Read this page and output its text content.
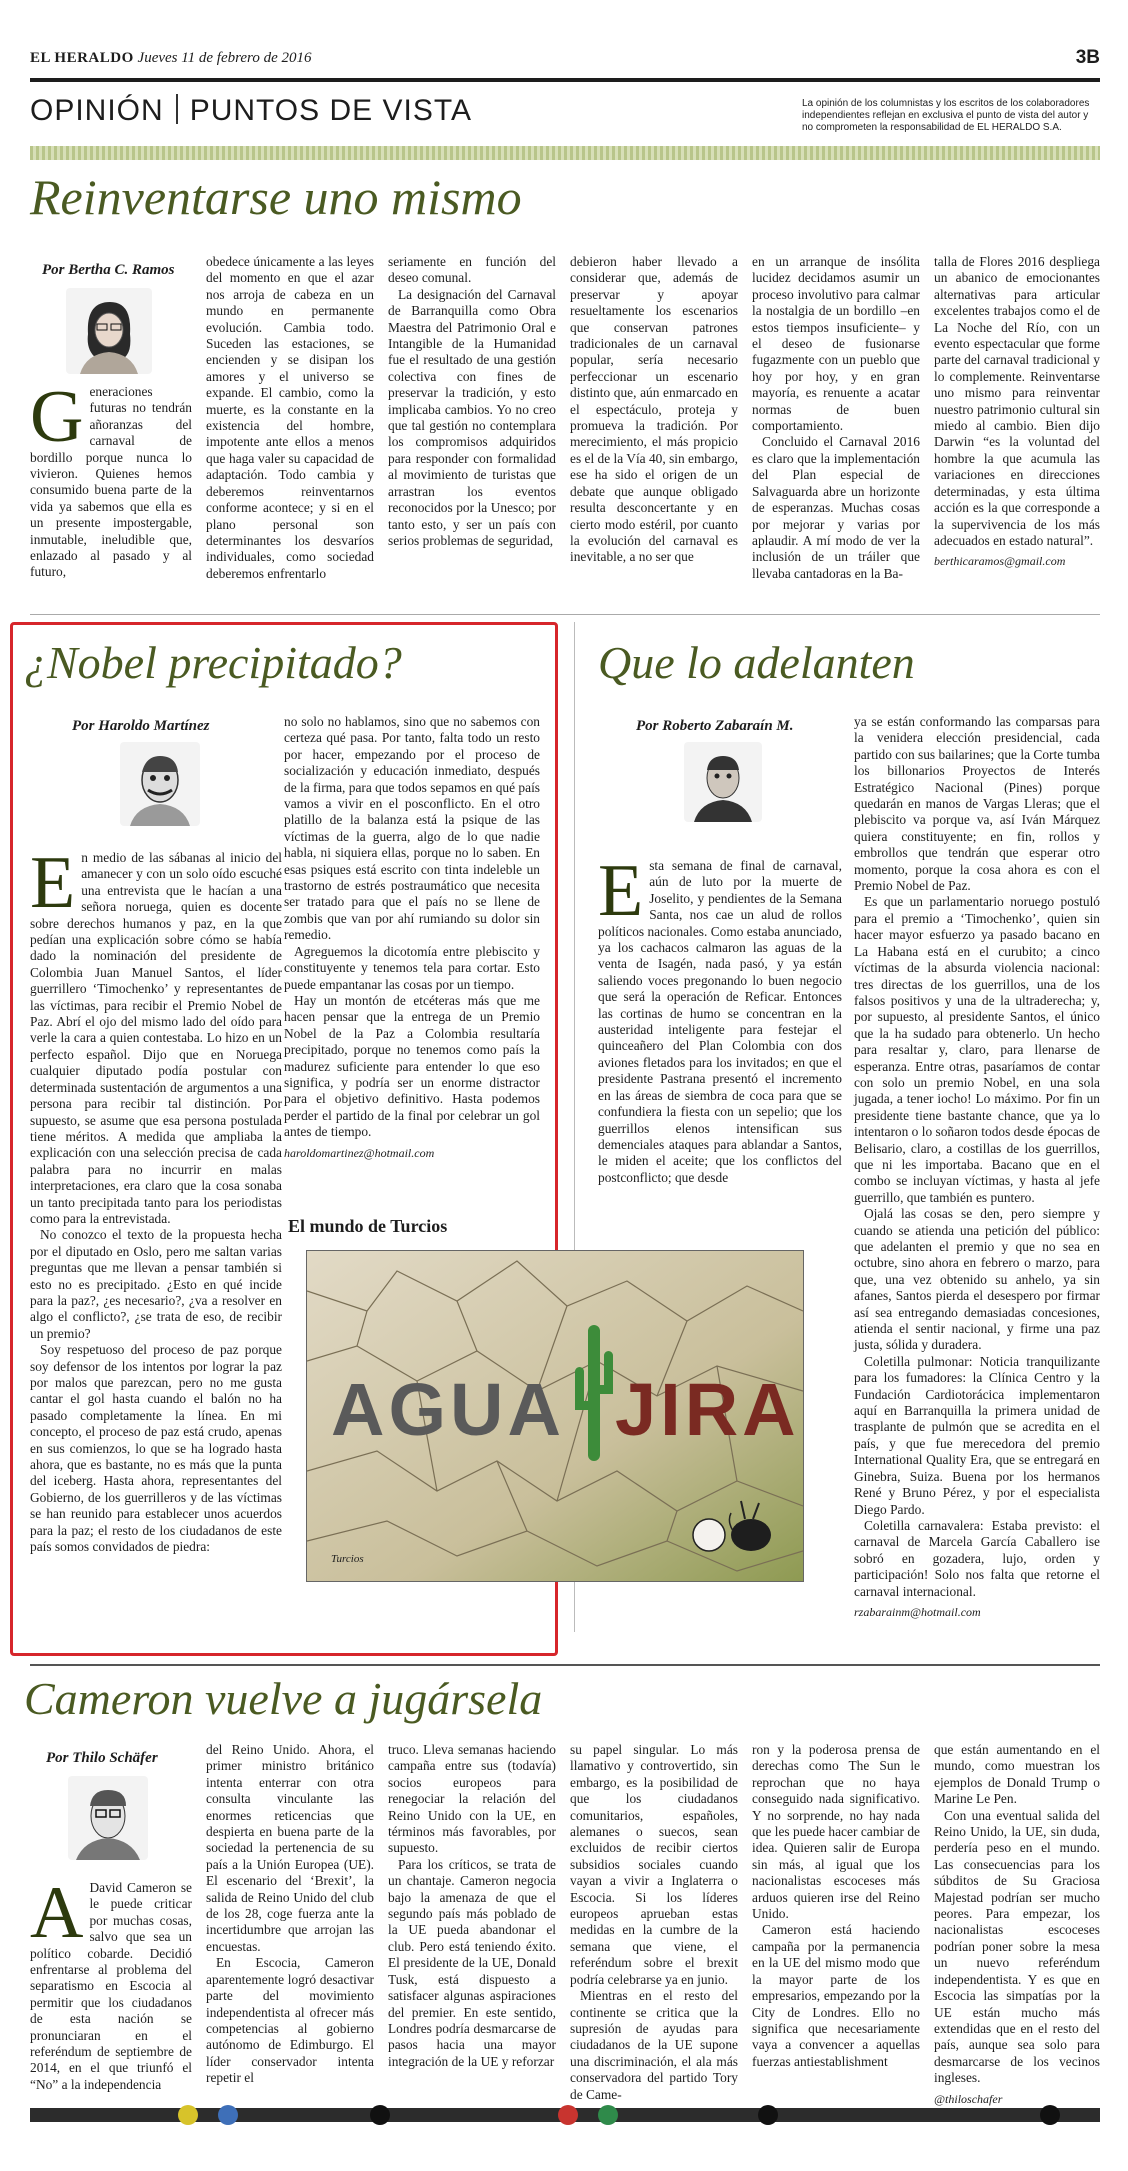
EL HERALDO Jueves 11 de febrero de 2016	3B
OPINIÓN PUNTOS DE VISTA	La opinión de los columnistas y los escritos de los colaboradores independientes reflejan en exclusiva el punto de vista del autor y no comprometen la responsabilidad de EL HERALDO S.A.
Reinventarse uno mismo
Por Bertha C. Ramos
Generaciones futuras no tendrán añoranzas del carnaval de bordillo porque nunca lo vivieron. Quienes hemos consumido buena parte de la vida ya sabemos que ella es un presente impostergable, inmutable, ineludible que, enlazado al pasado y al futuro,

obedece únicamente a las leyes del momento en que el azar nos arroja de cabeza en un mundo en permanente evolución. Cambia todo. Suceden las estaciones, se encienden y se disipan los amores y el universo se expande. El cambio, como la muerte, es la constante en la existencia del hombre, impotente ante ellos a menos que haga valer su capacidad de adaptación. Todo cambia y deberemos reinventarnos conforme acontece; y si en el plano personal son determinantes los desvaríos individuales, como sociedad deberemos enfrentarlo

seriamente en función del deseo comunal.

La designación del Carnaval de Barranquilla como Obra Maestra del Patrimonio Oral e Intangible de la Humanidad fue el resultado de una gestión colectiva con fines de preservar la tradición, y esto implicaba cambios. Yo no creo que tal gestión no contemplara los compromisos adquiridos para responder con formalidad al movimiento de turistas que arrastran los eventos reconocidos por la Unesco; por tanto esto, y ser un país con serios problemas de seguridad,

debieron haber llevado a considerar que, además de preservar y apoyar resueltamente los escenarios que conservan patrones tradicionales de un carnaval popular, sería necesario perfeccionar un escenario distinto que, aún enmarcado en el espectáculo, proteja y promueva la tradición. Por merecimiento, el más propicio es el de la Vía 40, sin embargo, ese ha sido el origen de un debate que aunque obligado resulta desconcertante y en cierto modo estéril, por cuanto la evolución del carnaval es inevitable, a no ser que

en un arranque de insólita lucidez decidamos asumir un proceso involutivo para calmar la nostalgia de un bordillo –en estos tiempos insuficiente– y el deseo de fusionarse fugazmente con un pueblo que hoy por hoy, y en gran mayoría, es renuente a acatar normas de buen comportamiento.

Concluido el Carnaval 2016 es claro que la implementación del Plan especial de Salvaguarda abre un horizonte de esperanzas. Muchas cosas por mejorar y varias por aplaudir. A mí modo de ver la inclusión de un tráiler que llevaba cantadoras en la Ba-

talla de Flores 2016 despliega un abanico de emocionantes alternativas para articular excelentes trabajos como el de La Noche del Río, con un evento espectacular que forme parte del carnaval tradicional y lo complemente. Reinventarse uno mismo para reinventar nuestro patrimonio cultural sin miedo al cambio. Bien dijo Darwin “es la voluntad del hombre la que acumula las variaciones en direcciones determinadas, y esta última acción es la que corresponde a la supervivencia de los más adecuados en estado natural”.

berthicaramos@gmail.com
¿Nobel precipitado?
Por Haroldo Martínez
En medio de las sábanas al inicio del amanecer y con un solo oído escuché una entrevista que le hacían a una señora noruega, quien es docente sobre derechos humanos y paz, en la que pedían una explicación sobre cómo se había dado la nominación del presidente de Colombia Juan Manuel Santos, el líder guerrillero ‘Timochenko’ y representantes de las víctimas, para recibir el Premio Nobel de Paz. Abrí el ojo del mismo lado del oído para verle la cara a quien contestaba. Lo hizo en un perfecto español. Dijo que en Noruega cualquier diputado podía postular con determinada sustentación de argumentos a una persona para recibir tal distinción. Por supuesto, se asume que esa persona postulada tiene méritos. A medida que ampliaba la explicación con una selección precisa de cada palabra para no incurrir en malas interpretaciones, era claro que la cosa sonaba un tanto precipitada tanto para los periodistas como para la entrevistada.

No conozco el texto de la propuesta hecha por el diputado en Oslo, pero me saltan varias preguntas que me llevan a pensar también si esto no es precipitado. ¿Esto en qué incide para la paz?, ¿es necesario?, ¿va a resolver en algo el conflicto?, ¿se trata de eso, de recibir un premio?

Soy respetuoso del proceso de paz porque soy defensor de los intentos por lograr la paz por malos que parezcan, pero no me gusta cantar el gol hasta cuando el balón no ha pasado completamente la línea. En mi concepto, el proceso de paz está crudo, apenas en sus comienzos, lo que se ha logrado hasta ahora, que es bastante, no es más que la punta del iceberg. Hasta ahora, representantes del Gobierno, de los guerrilleros y de las víctimas se han reunido para establecer unos acuerdos para la paz; el resto de los ciudadanos de este país somos convidados de piedra:

no solo no hablamos, sino que no sabemos con certeza qué pasa. Por tanto, falta todo un resto por hacer, empezando por el proceso de socialización y educación inmediato, después de la firma, para que todos sepamos en qué país vamos a vivir en el posconflicto. En el otro platillo de la balanza está la psique de las víctimas de la guerra, algo de lo que nadie habla, ni siquiera ellas, porque no lo saben. En esas psiques está escrito con tinta indeleble un trastorno de estrés postraumático que necesita ser tratado para que el país no se llene de zombis que van por ahí rumiando su dolor sin remedio.

Agreguemos la dicotomía entre plebiscito y constituyente y tenemos tela para cortar. Esto puede empantanar las cosas por un tiempo.

Hay un montón de etcéteras más que me hacen pensar que la entrega de un Premio Nobel de la Paz a Colombia resultaría precipitado, porque no tenemos como país la madurez suficiente para entender lo que eso significa, y podría ser un enorme distractor para el objetivo definitivo. Hasta podemos perder el partido de la final por celebrar un gol antes de tiempo.

haroldomartinez@hotmail.com
Que lo adelanten
Por Roberto Zabaraín M.
Esta semana de final de carnaval, aún de luto por la muerte de Joselito, y pendientes de la Semana Santa, nos cae un alud de rollos políticos nacionales. Como estaba anunciado, ya los cachacos calmaron las aguas de la venta de Isagén, nada pasó, y ya están saliendo voces pregonando lo buen negocio que será la operación de Reficar. Entonces las cortinas de humo se concentran en la austeridad inteligente para festejar el quinceañero del Plan Colombia con dos aviones fletados para los invitados; en que el presidente Pastrana presentó el incremento en las áreas de siembra de coca para que se confundiera la fiesta con un sepelio; que los guerrillos elenos intensifican sus demenciales ataques para ablandar a Santos, le miden el aceite; que los conflictos del postconflicto; que desde

ya se están conformando las comparsas para la venidera elección presidencial, cada partido con sus bailarines; que la Corte tumba los billonarios Proyectos de Interés Estratégico Nacional (Pines) porque quedarán en manos de Vargas Lleras; que el plebiscito va porque va, así Iván Márquez quiera constituyente; en fin, rollos y embrollos que tendrán que esperar otro momento, porque la cosa ahora es con el Premio Nobel de Paz.

Es que un parlamentario noruego postuló para el premio a ‘Timochenko’, quien sin hacer mayor esfuerzo ya pasado bacano en La Habana está en el curubito; a cinco víctimas de la absurda violencia nacional: tres directas de los guerrillos, una de los falsos positivos y una de la ultraderecha; y, por supuesto, al presidente Santos, el único que la ha sudado para obtenerlo. Un hecho para resaltar y, claro, para llenarse de esperanza. Entre otras, pasaríamos de contar con solo un premio Nobel, en una sola jugada, a tener iocho! Lo máximo. Por fin un presidente tiene bastante chance, que ya lo intentaron o lo soñaron todos desde épocas de Belisario, claro, a costillas de los guerrillos, que ni les importaba. Bacano que en el combo se incluyan víctimas, y hasta al jefe guerrillo, que también es puntero.

Ojalá las cosas se den, pero siempre y cuando se atienda una petición del público: que adelanten el premio y que no sea en octubre, sino ahora en febrero o marzo, para que, una vez obtenido su anhelo, ya sin afanes, Santos pierda el desespero por firmar así sea entregando demasiadas concesiones, atienda el sentir nacional, y firme una paz justa, sólida y duradera.

Coletilla pulmonar: Noticia tranquilizante para los fumadores: la Clínica Centro y la Fundación Cardiotorácica implementaron aquí en Barranquilla la primera unidad de trasplante de pulmón que se acredita en el país, y que fue merecedora del premio International Quality Era, que se entregará en Ginebra, Suiza. Buena por los hermanos René y Bruno Pérez, y por el especialista Diego Pardo.

Coletilla carnavalera: Estaba previsto: el carnaval de Marcela García Caballero ise sobró en gozadera, lujo, orden y participación! Solo nos falta que retorne el carnaval internacional.

rzabarainm@hotmail.com
El mundo de Turcios
AGUA JIRA
Turcios
Cameron vuelve a jugársela
Por Thilo Schäfer
A David Cameron se le puede criticar por muchas cosas, salvo que sea un político cobarde. Decidió enfrentarse al problema del separatismo en Escocia al permitir que los ciudadanos de esta nación se pronunciaran en el referéndum de septiembre de 2014, en el que triunfó el “No” a la independencia

del Reino Unido. Ahora, el primer ministro británico intenta enterrar con otra consulta vinculante las enormes reticencias que despierta en buena parte de la sociedad la pertenencia de su país a la Unión Europea (UE). El escenario del ‘Brexit’, la salida de Reino Unido del club de los 28, coge fuerza ante la incertidumbre que arrojan las encuestas.

En Escocia, Cameron aparentemente logró desactivar parte del movimiento independentista al ofrecer más competencias al gobierno autónomo de Edimburgo. El líder conservador intenta repetir el

truco. Lleva semanas haciendo campaña entre sus (todavía) socios europeos para renegociar la relación del Reino Unido con la UE, en términos más favorables, por supuesto.

Para los críticos, se trata de un chantaje. Cameron negocia bajo la amenaza de que el segundo país más poblado de la UE pueda abandonar el club. Pero está teniendo éxito. El presidente de la UE, Donald Tusk, está dispuesto a satisfacer algunas aspiraciones del premier. En este sentido, Londres podría desmarcarse de pasos hacia una mayor integración de la UE y reforzar

su papel singular. Lo más llamativo y controvertido, sin embargo, es la posibilidad de que los ciudadanos comunitarios, españoles, alemanes o suecos, sean excluidos de recibir ciertos subsidios sociales cuando vayan a vivir a Inglaterra o Escocia. Si los líderes europeos aprueban estas medidas en la cumbre de la semana que viene, el referéndum sobre el brexit podría celebrarse ya en junio.

Mientras en el resto del continente se critica que la supresión de ayudas para ciudadanos de la UE supone una discriminación, el ala más conservadora del partido Tory de Came-

ron y la poderosa prensa de derechas como The Sun le reprochan que no haya conseguido nada significativo. Y no sorprende, no hay nada que les puede hacer cambiar de idea. Quieren salir de Europa sin más, al igual que los nacionalistas escoceses más arduos quieren irse del Reino Unido.

Cameron está haciendo campaña por la permanencia en la UE del mismo modo que la mayor parte de los empresarios, empezando por la City de Londres. Ello no significa que necesariamente vaya a convencer a aquellas fuerzas antiestablishment

que están aumentando en el mundo, como muestran los ejemplos de Donald Trump o Marine Le Pen.

Con una eventual salida del Reino Unido, la UE, sin duda, perdería peso en el mundo. Las consecuencias para los súbditos de Su Graciosa Majestad podrían ser mucho peores. Para empezar, los nacionalistas escoceses podrían poner sobre la mesa un nuevo referéndum independentista. Y es que en Escocia las simpatías por la UE están mucho más extendidas que en el resto del país, aunque sea solo para desmarcarse de los vecinos ingleses.

@thiloschafer
